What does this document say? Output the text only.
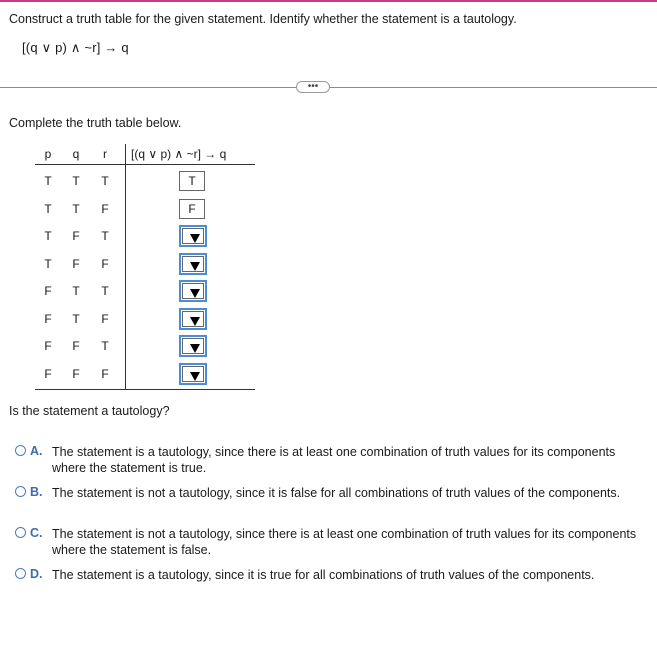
Construct a truth table for the given statement. Identify whether the statement is a tautology.
[(q ∨ p) ∧ ~r] → q
•••
Complete the truth table below.
p	q	r	[(q ∨ p) ∧ ~r] → q
T	T	T	T
T	T	F	F
T	F	T
T	F	F
F	T	T
F	T	F
F	F	T
F	F	F
Is the statement a tautology?
A. The statement is a tautology, since there is at least one combination of truth values for its components where the statement is true.
B. The statement is not a tautology, since it is false for all combinations of truth values of the components.
C. The statement is not a tautology, since there is at least one combination of truth values for its components where the statement is false.
D. The statement is a tautology, since it is true for all combinations of truth values of the components.
